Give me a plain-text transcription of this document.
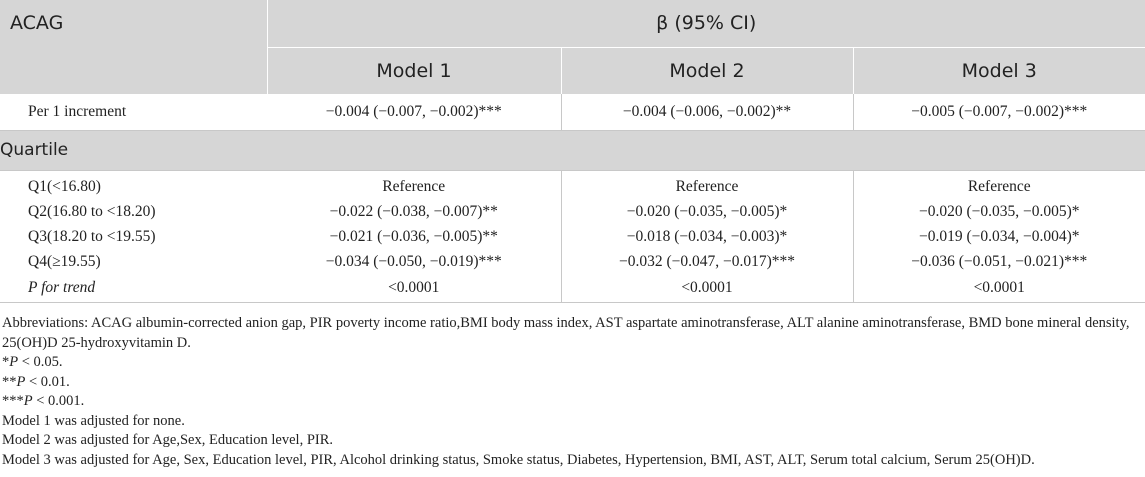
ACAG	β (95% CI)		
	Model 1	Model 2	Model 3
Per 1 increment	−0.004 (−0.007, −0.002)***	−0.004 (−0.006, −0.002)**	−0.005 (−0.007, −0.002)***
Quartile			
Q1(<16.80)	Reference	Reference	Reference
Q2(16.80 to <18.20)	−0.022 (−0.038, −0.007)**	−0.020 (−0.035, −0.005)*	−0.020 (−0.035, −0.005)*
Q3(18.20 to <19.55)	−0.021 (−0.036, −0.005)**	−0.018 (−0.034, −0.003)*	−0.019 (−0.034, −0.004)*
Q4(≥19.55)	−0.034 (−0.050, −0.019)***	−0.032 (−0.047, −0.017)***	−0.036 (−0.051, −0.021)***
P for trend	<0.0001	<0.0001	<0.0001
Abbreviations: ACAG albumin-corrected anion gap, PIR poverty income ratio,BMI body mass index, AST aspartate aminotransferase, ALT alanine aminotransferase, BMD bone mineral density, 25(OH)D 25-hydroxyvitamin D.
*P < 0.05.
**P < 0.01.
***P < 0.001.
Model 1 was adjusted for none.
Model 2 was adjusted for Age,Sex, Education level, PIR.
Model 3 was adjusted for Age, Sex, Education level, PIR, Alcohol drinking status, Smoke status, Diabetes, Hypertension, BMI, AST, ALT, Serum total calcium, Serum 25(OH)D.
